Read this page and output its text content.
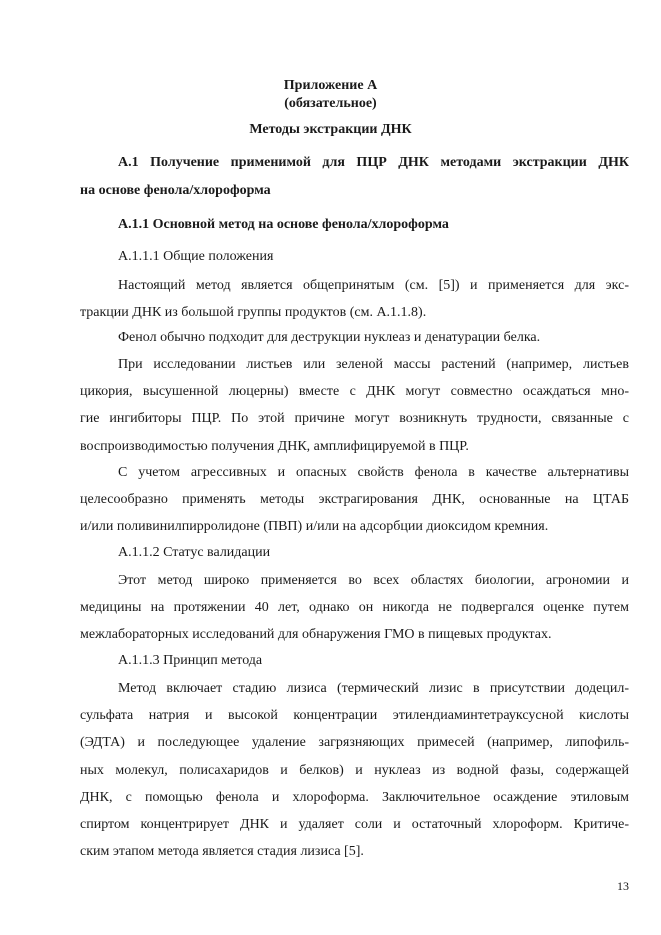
Приложение А
(обязательное)
Методы экстракции ДНК
А.1 Получение применимой для ПЦР ДНК методами экстракции ДНК
на основе фенола/хлороформа
А.1.1 Основной метод на основе фенола/хлороформа
А.1.1.1 Общие положения
Настоящий метод является общепринятым (см. [5]) и применяется для экс-
тракции ДНК из большой группы продуктов (см. А.1.1.8).
Фенол обычно подходит для деструкции нуклеаз и денатурации белка.
При исследовании листьев или зеленой массы растений (например, листьев
цикория, высушенной люцерны) вместе с ДНК могут совместно осаждаться мно-
гие ингибиторы ПЦР. По этой причине могут возникнуть трудности, связанные с
воспроизводимостью получения ДНК, амплифицируемой в ПЦР.
С учетом агрессивных и опасных свойств фенола в качестве альтернативы
целесообразно применять методы экстрагирования ДНК, основанные на ЦТАБ
и/или поливинилпирролидоне (ПВП) и/или на адсорбции диоксидом кремния.
А.1.1.2 Статус валидации
Этот метод широко применяется во всех областях биологии, агрономии и
медицины на протяжении 40 лет, однако он никогда не подвергался оценке путем
межлабораторных исследований для обнаружения ГМО в пищевых продуктах.
А.1.1.3 Принцип метода
Метод включает стадию лизиса (термический лизис в присутствии додецил-
сульфата натрия и высокой концентрации этилендиаминтетрауксусной кислоты
(ЭДТА) и последующее удаление загрязняющих примесей (например, липофиль-
ных молекул, полисахаридов и белков) и нуклеаз из водной фазы, содержащей
ДНК, с помощью фенола и хлороформа. Заключительное осаждение этиловым
спиртом концентрирует ДНК и удаляет соли и остаточный хлороформ. Критиче-
ским этапом метода является стадия лизиса [5].
13
